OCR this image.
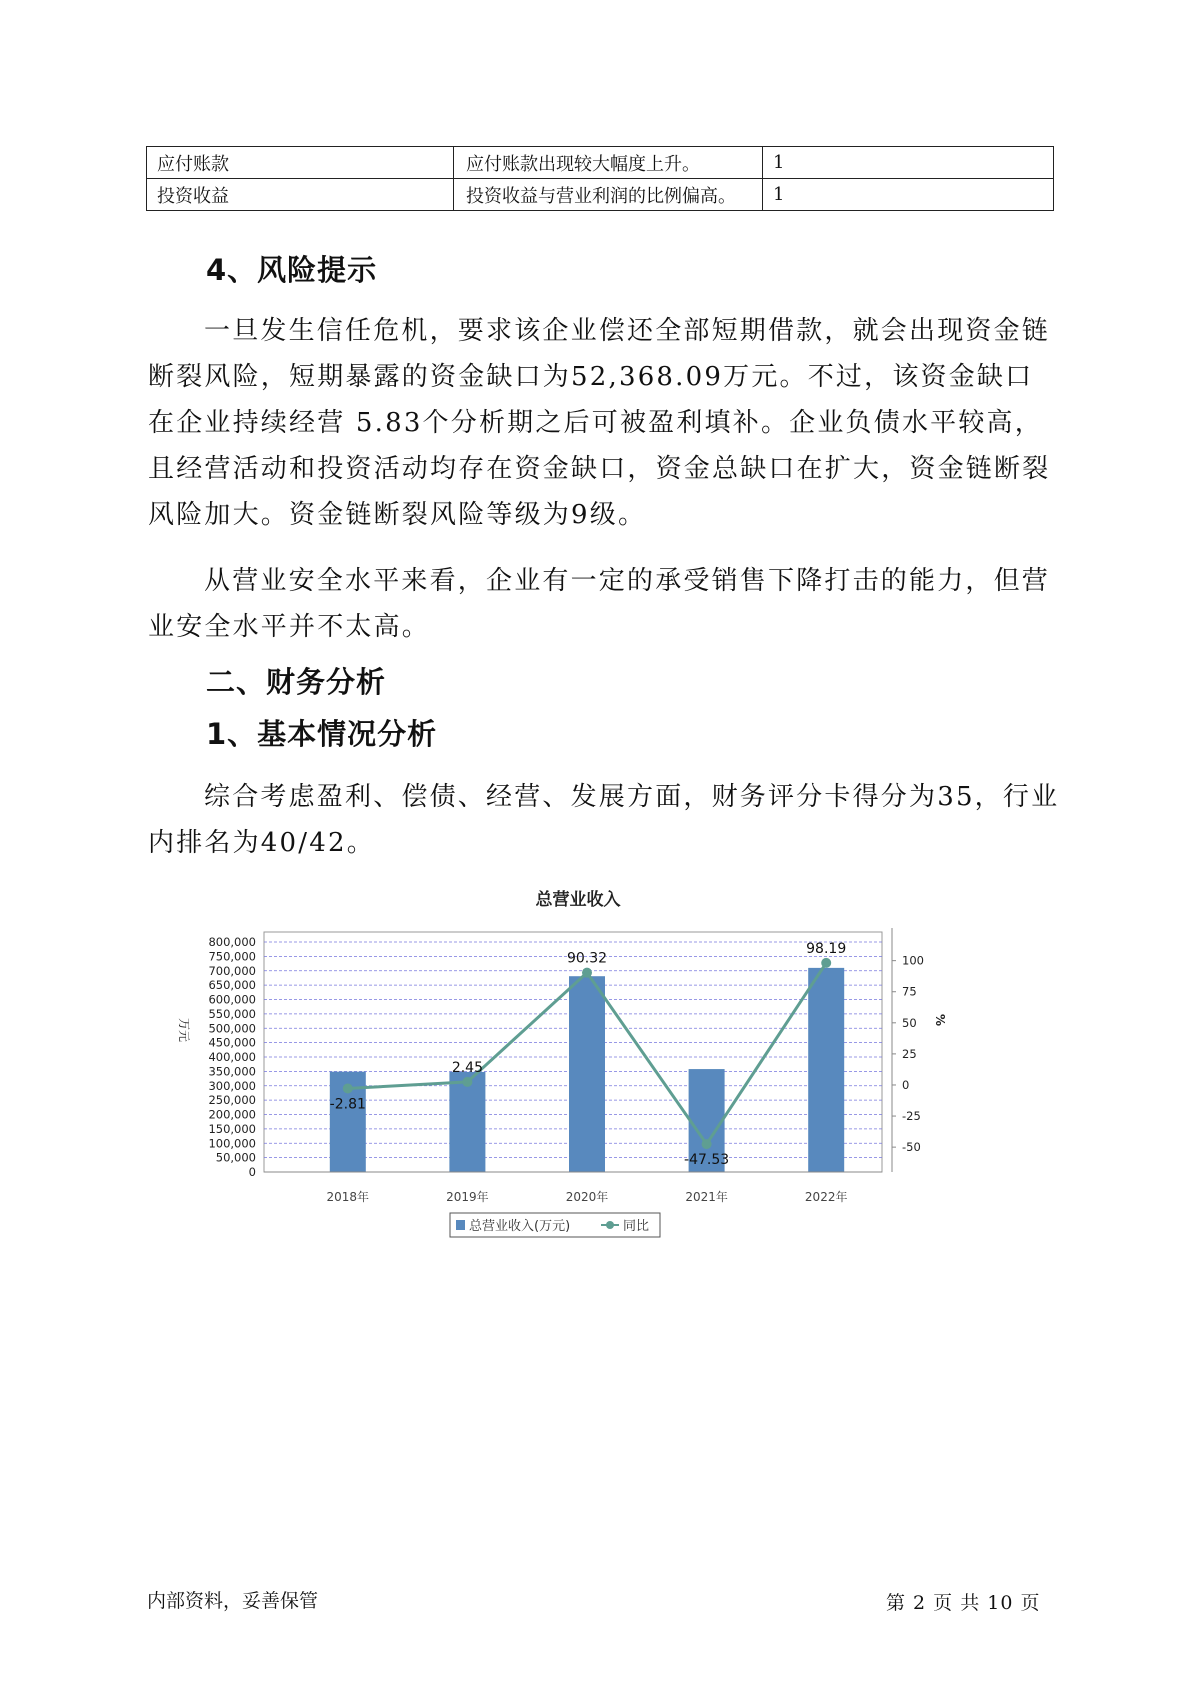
应付账款	应付账款出现较大幅度上升。	1
投资收益	投资收益与营业利润的比例偏高。	1
4、风险提示
一旦发生信任危机，要求该企业偿还全部短期借款，就会出现资金链断裂风险，短期暴露的资金缺口为52,368.09万元。不过，该资金缺口在企业持续经营 5.83个分析期之后可被盈利填补。企业负债水平较高，且经营活动和投资活动均存在资金缺口，资金总缺口在扩大，资金链断裂风险加大。资金链断裂风险等级为9级。
从营业安全水平来看，企业有一定的承受销售下降打击的能力，但营业安全水平并不太高。
二、财务分析
1、基本情况分析
综合考虑盈利、偿债、经营、发展方面，财务评分卡得分为35，行业内排名为40/42。
总营业收入
0
50,000
100,000
150,000
200,000
250,000
300,000
350,000
400,000
450,000
500,000
550,000
600,000
650,000
700,000
750,000
800,000
-50
-25
0
25
50
75
100
万元	%
2018年	2019年	2020年	2021年	2022年
-2.81
2.45
90.32
-47.53
98.19
总营业收入(万元)	同比
内部资料，妥善保管	第 2 页 共 10 页
